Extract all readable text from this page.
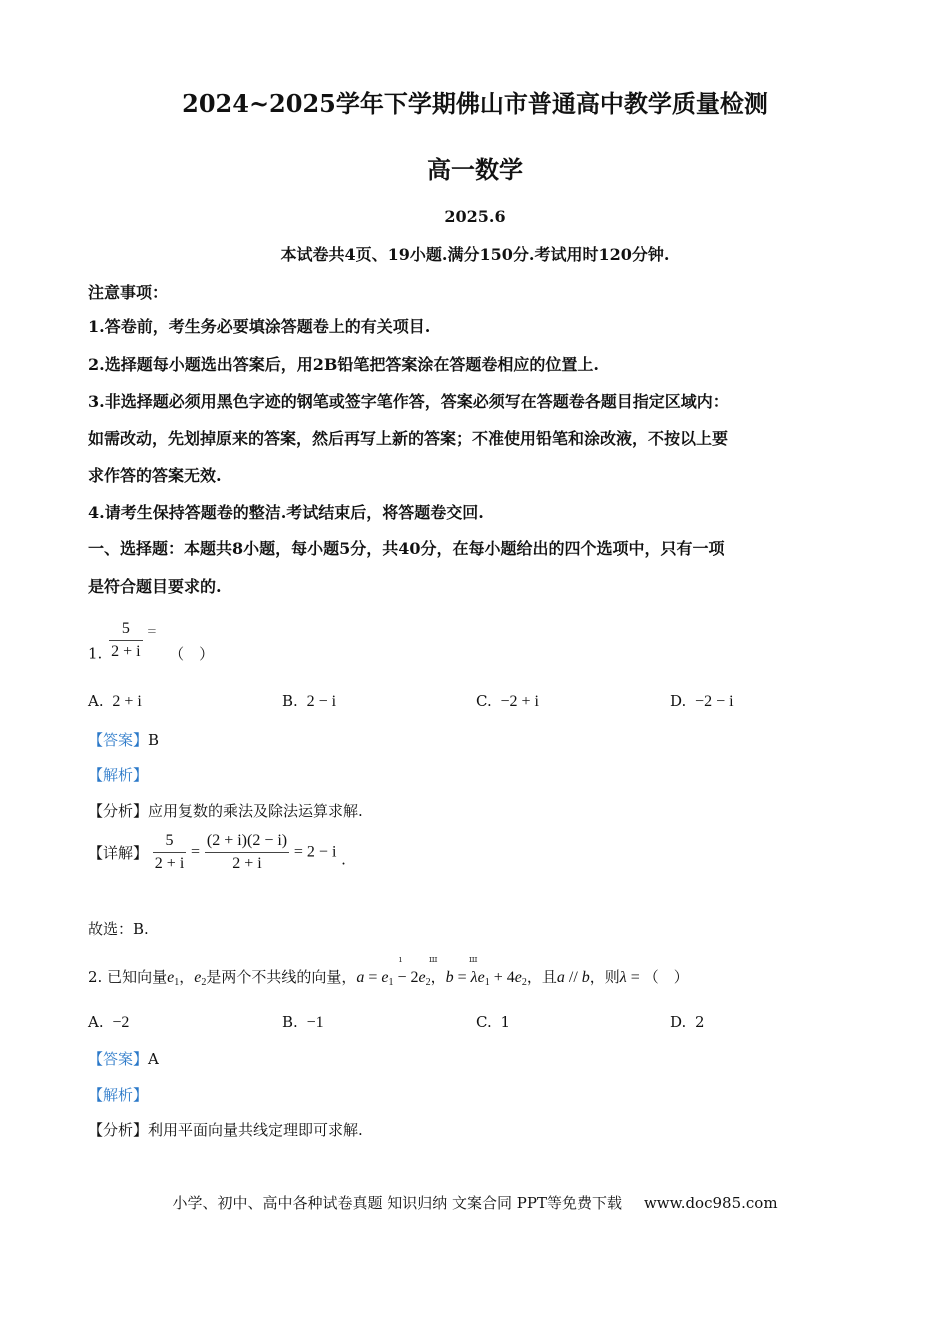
2024~2025学年下学期佛山市普通高中教学质量检测
高一数学
2025.6
本试卷共4页、19小题.满分150分.考试用时120分钟.
注意事项：
1.答卷前，考生务必要填涂答题卷上的有关项目.
2.选择题每小题选出答案后，用2B铅笔把答案涂在答题卷相应的位置上.
3.非选择题必须用黑色字迹的钢笔或签字笔作答，答案必须写在答题卷各题目指定区域内：
如需改动，先划掉原来的答案，然后再写上新的答案；不准使用铅笔和涂改液，不按以上要
求作答的答案无效.
4.请考生保持答题卷的整洁.考试结束后，将答题卷交回.
一、选择题：本题共8小题，每小题5分，共40分，在每小题给出的四个选项中，只有一项
是符合题目要求的.
1. $\frac{5}{2 + i}$ = （　）
A. 2 + i	B. 2 − i	C. −2 + i	D. −2 − i
【答案】B
【解析】
【分析】应用复数的乘法及除法运算求解.
【详解】 $\frac{5}{2 + i} = \frac{(2 + i)(2 - i)}{2 + i} = 2 - i$ .
故选：B.
2. 已知向量$e_1$，$e_2$是两个不共线的向量，$a = e_1 - 2e_2$，$b = \lambda e_1 + 4e_2$，且a // b，则λ = （　）
ı	ш	ш
A. −2	B. −1	C. 1	D. 2
【答案】A
【解析】
【分析】利用平面向量共线定理即可求解.
小学、初中、高中各种试卷真题 知识归纳 文案合同 PPT等免费下载 www.doc985.com
